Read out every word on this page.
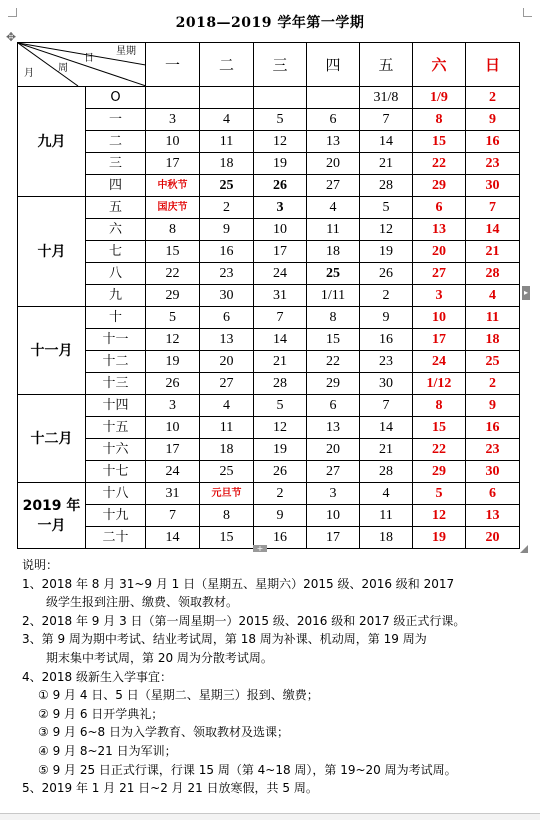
✥
2018—2019 学年第一学期
星期
日
周
月		一	二	三	四	五	六	日
九月	O					31/8	1/9	2
	一	3	4	5	6	7	8	9
	二	10	11	12	13	14	15	16
	三	17	18	19	20	21	22	23
	四	中秋节	25	26	27	28	29	30
十月	五	国庆节	2	3	4	5	6	7
	六	8	9	10	11	12	13	14
	七	15	16	17	18	19	20	21
	八	22	23	24	25	26	27	28
	九	29	30	31	1/11	2	3	4
十一月	十	5	6	7	8	9	10	11
	十一	12	13	14	15	16	17	18
	十二	19	20	21	22	23	24	25
	十三	26	27	28	29	30	1/12	2
十二月	十四	3	4	5	6	7	8	9
	十五	10	11	12	13	14	15	16
	十六	17	18	19	20	21	22	23
	十七	24	25	26	27	28	29	30
2019 年
一月	十八	31	元旦节	2	3	4	5	6
	十九	7	8	9	10	11	12	13
	二十	14	15	16	17	18	19	20
+
▸
说明：
1、2018 年 8 月 31~9 月 1 日（星期五、星期六）2015 级、2016 级和 2017
级学生报到注册、缴费、领取教材。
2、2018 年 9 月 3 日（第一周星期一）2015 级、2016 级和 2017 级正式行课。
3、第 9 周为期中考试、结业考试周，第 18 周为补课、机动周，第 19 周为
期末集中考试周，第 20 周为分散考试周。
4、2018 级新生入学事宜：
① 9 月 4 日、5 日（星期二、星期三）报到、缴费；
② 9 月 6 日开学典礼；
③ 9 月 6~8 日为入学教育、领取教材及选课；
④ 9 月 8~21 日为军训；
⑤ 9 月 25 日正式行课，行课 15 周（第 4~18 周），第 19~20 周为考试周。
5、2019 年 1 月 21 日~2 月 21 日放寒假，共 5 周。
